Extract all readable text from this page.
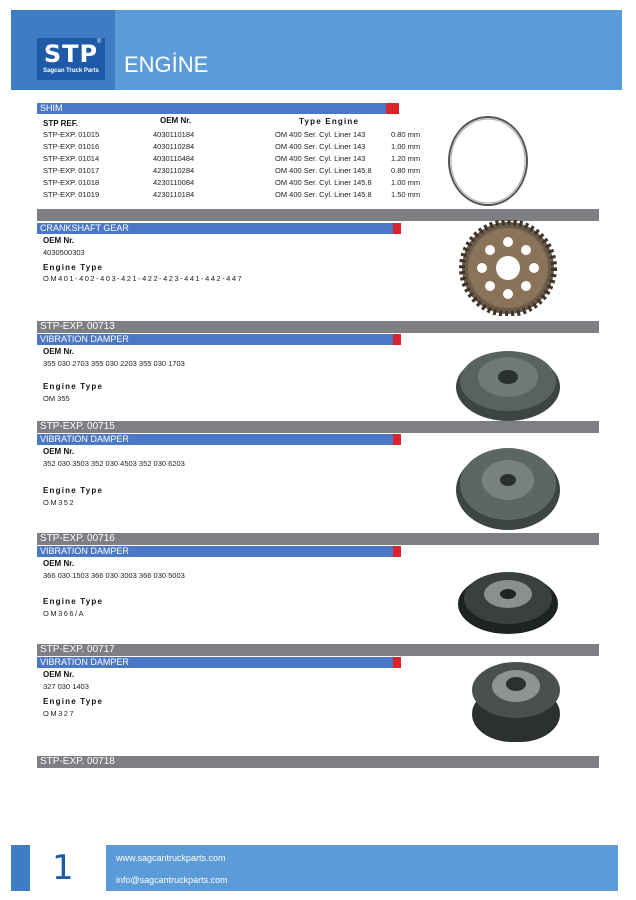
STP
®
Sagcan Truck Parts ENGİNE
SHIM
STP REF.	OEM Nr.	Type Engine
STP-EXP. 01015	4030110184	OM 400 Ser. Cyl. Liner 143	0.80 mm
STP-EXP. 01016	4030110284	OM 400 Ser. Cyl. Liner 143	1.00 mm
STP-EXP. 01014	4030110484	OM 400 Ser. Cyl. Liner 143	1.20 mm
STP-EXP. 01017	4230110284	OM 400 Ser. Cyl. Liner 145.8	0.80 mm
STP-EXP. 01018	4230110084	OM 400 Ser. Cyl. Liner 145.8	1.00 mm
STP-EXP. 01019	4230110184	OM 400 Ser. Cyl. Liner 145.8	1.50 mm
CRANKSHAFT GEAR
OEM Nr.
4030500303
Engine Type
OM401-402-403-421-422-423-441-442-447
STP-EXP. 00713
VIBRATION DAMPER
OEM Nr.
355 030 2703 355 030 2203 355 030 1703
Engine Type
OM 355
STP-EXP. 00715
VIBRATION DAMPER
OEM Nr.
352 030 3503 352 030 4503 352 030 6203
Engine Type
OM352
STP-EXP. 00716
VIBRATION DAMPER
OEM Nr.
366 030 1503 366 030 3003 366 030 5003
Engine Type
OM366/A
STP-EXP. 00717
VIBRATION DAMPER
OEM Nr.
327 030 1403
Engine Type
OM327
STP-EXP. 00718
1	www.sagcantruckparts.com
info@sagcantruckparts.com
